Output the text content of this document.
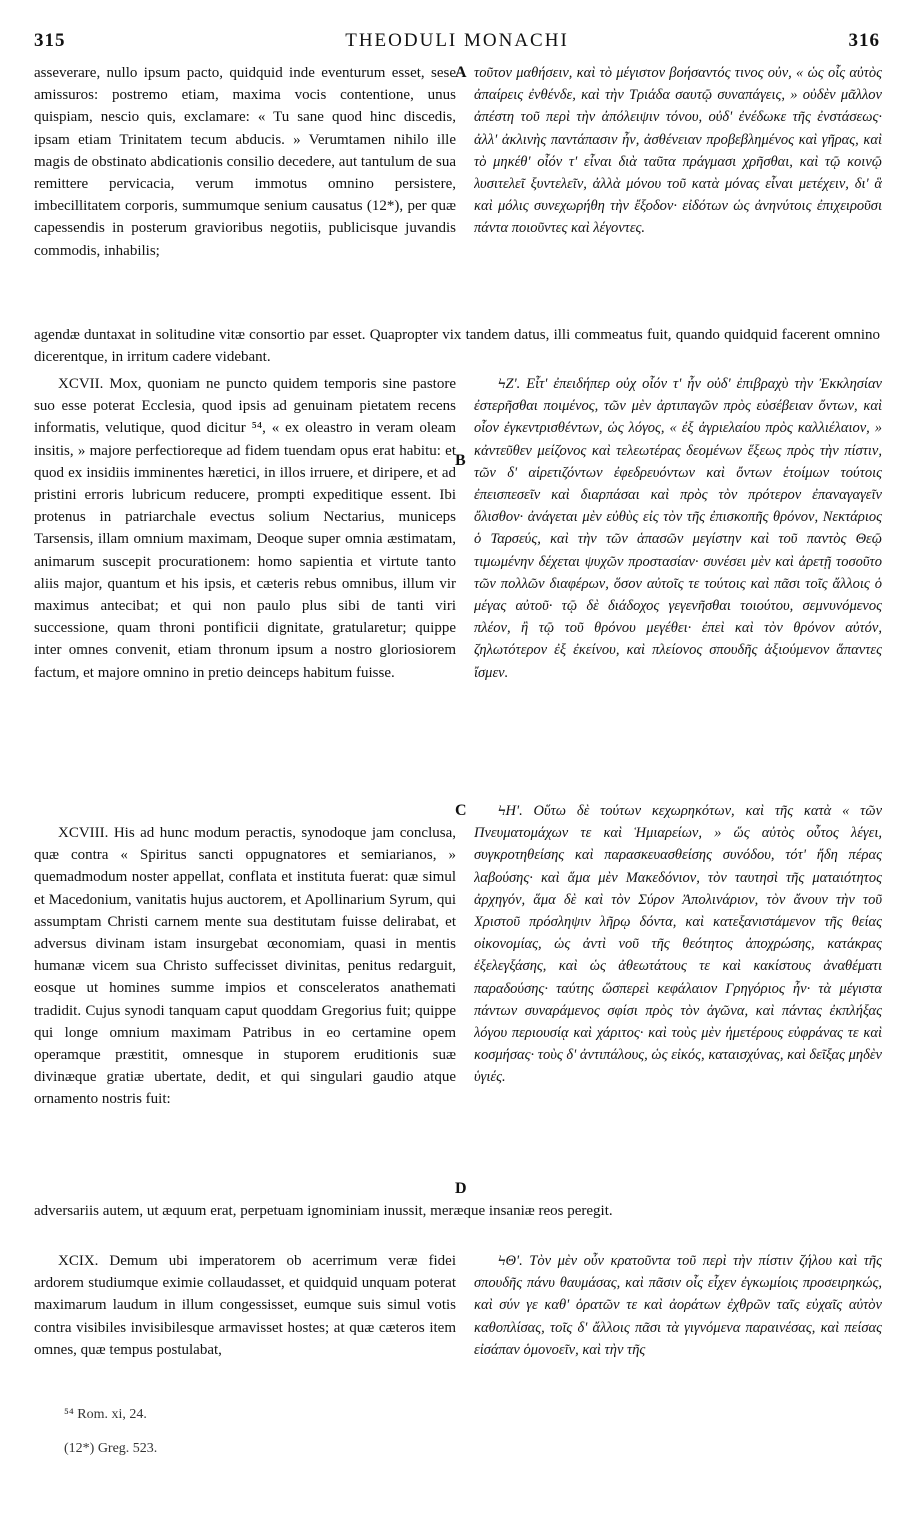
315	THEODULI MONACHI	316

asseverare, nullo ipsum pacto, quidquid inde eventurum esset, sese amissuros: postremo etiam, maxima vocis contentione, unus quispiam, nescio quis, exclamare: « Tu sane quod hinc discedis, ipsam etiam Trinitatem tecum abducis. » Verumtamen nihilo ille magis de obstinato abdicationis consilio decedere, aut tantulum de sua remittere pervicacia, verum immotus omnino persistere, imbecillitatem corporis, summumque senium causatus (12*), per quæ capessendis in posterum gravioribus negotiis, publicisque juvandis commodis, inhabilis;

τοῦτον μαθήσειν, καὶ τὸ μέγιστον βοήσαντός τινος οὐν, « ὡς οἷς αὐτὸς ἀπαίρεις ἐνθένδε, καὶ τὴν Τριάδα σαυτῷ συναπάγεις, » οὐδὲν μᾶλλον ἀπέστη τοῦ περὶ τὴν ἀπόλειψιν τόνου, οὐδ' ἐνέδωκε τῆς ἐνστάσεως· ἀλλ' ἀκλινὴς παντάπασιν ἦν, ἀσθένειαν προβεβλημένος καὶ γῆρας, καὶ τὸ μηκέθ' οἷόν τ' εἶναι διὰ ταῦτα πράγμασι χρῆσθαι, καὶ τῷ κοινῷ λυσιτελεῖ ξυντελεῖν, ἀλλὰ μόνου τοῦ κατὰ μόνας εἶναι μετέχειν, δι' ἃ καὶ μόλις συνεχωρήθη τὴν ἔξοδον· εἰδότων ὡς ἀνηνύτοις ἐπιχειροῦσι πάντα ποιοῦντες καὶ λέγοντες.

agendæ duntaxat in solitudine vitæ consortio par esset. Quapropter vix tandem datus, illi commeatus fuit, quando quidquid facerent omnino dicerentque, in irritum cadere videbant.

XCVII. Mox, quoniam ne puncto quidem temporis sine pastore suo esse poterat Ecclesia, quod ipsis ad genuinam pietatem recens informatis, velutique, quod dicitur ⁵⁴, « ex oleastro in veram oleam insitis, » majore perfectioreque ad fidem tuendam opus erat habitu: et quod ex insidiis imminentes hæretici, in illos irruere, et diripere, et ad pristini erroris lubricum reducere, prompti expeditique essent. Ibi protenus in patriarchale evectus solium Nectarius, municeps Tarsensis, illam omnium maximam, Deoque super omnia æstimatam, animarum suscepit procurationem: homo sapientia et virtute tanto aliis major, quantum et his ipsis, et cæteris rebus omnibus, illum vir maximus antecibat; et qui non paulo plus sibi de tanti viri successione, quam throni pontificii dignitate, gratularetur; quippe inter omnes convenit, etiam thronum ipsum a nostro gloriosiorem factum, et majore omnino in pretio deinceps habitum fuisse.

ϞΖ'. Εἶτ' ἐπειδήπερ οὐχ οἷόν τ' ἦν οὐδ' ἐπιβραχὺ τὴν Ἐκκλησίαν ἐστερῆσθαι ποιμένος, τῶν μὲν ἀρτιπαγῶν πρὸς εὐσέβειαν ὄντων, καὶ οἷον ἐγκεντρισθέντων, ὡς λόγος, « ἐξ ἀγριελαίου πρὸς καλλιέλαιον, » κἀντεῦθεν μείζονος καὶ τελεωτέρας δεομένων ἕξεως πρὸς τὴν πίστιν, τῶν δ' αἱρετιζόντων ἐφεδρευόντων καὶ ὄντων ἑτοίμων τούτοις ἐπεισπεσεῖν καὶ διαρπάσαι καὶ πρὸς τὸν πρότερον ἐπαναγαγεῖν ὄλισθον· ἀνάγεται μὲν εὐθὺς εἰς τὸν τῆς ἐπισκοπῆς θρόνον, Νεκτάριος ὁ Ταρσεύς, καὶ τὴν τῶν ἁπασῶν μεγίστην καὶ τοῦ παντὸς Θεῷ τιμωμένην δέχεται ψυχῶν προστασίαν· συνέσει μὲν καὶ ἀρετῇ τοσοῦτο τῶν πολλῶν διαφέρων, ὅσον αὐτοῖς τε τούτοις καὶ πᾶσι τοῖς ἄλλοις ὁ μέγας αὐτοῦ· τῷ δὲ διάδοχος γεγενῆσθαι τοιούτου, σεμνυνόμενος πλέον, ἢ τῷ τοῦ θρόνου μεγέθει· ἐπεὶ καὶ τὸν θρόνον αὐτόν, ζηλωτότερον ἐξ ἐκείνου, καὶ πλείονος σπουδῆς ἀξιούμενον ἅπαντες ἴσμεν.

XCVIII. His ad hunc modum peractis, synodoque jam conclusa, quæ contra « Spiritus sancti oppugnatores et semiarianos, » quemadmodum noster appellat, conflata et instituta fuerat: quæ simul et Macedonium, vanitatis hujus auctorem, et Apollinarium Syrum, qui assumptam Christi carnem mente sua destitutam fuisse delirabat, et adversus divinam istam insurgebat œconomiam, quasi in mentis humanæ vicem sua Christo suffecisset divinitas, penitus redarguit, eosque ut homines summe impios et consceleratos anathemati tradidit. Cujus synodi tanquam caput quoddam Gregorius fuit; quippe qui longe omnium maximam Patribus in eo certamine opem operamque præstitit, omnesque in stuporem eruditionis suæ divinæque gratiæ ubertate, dedit, et qui singulari gaudio atque ornamento nostris fuit:

ϞΗ'. Οὕτω δὲ τούτων κεχωρηκότων, καὶ τῆς κατὰ « τῶν Πνευματομάχων τε καὶ Ἡμιαρείων, » ὥς αὐτὸς οὗτος λέγει, συγκροτηθείσης καὶ παρασκευασθείσης συνόδου, τότ' ἤδη πέρας λαβούσης· καὶ ἅμα μὲν Μακεδόνιον, τὸν ταυτησὶ τῆς ματαιότητος ἀρχηγόν, ἅμα δὲ καὶ τὸν Σύρον Ἀπολινάριον, τὸν ἄνουν τὴν τοῦ Χριστοῦ πρόσληψιν λῆρῳ δόντα, καὶ κατεξανιστάμενον τῆς θείας οἰκονομίας, ὡς ἀντὶ νοῦ τῆς θεότητος ἀποχρώσης, κατάκρας ἐξελεγξάσης, καὶ ὡς ἀθεωτάτους τε καὶ κακίστους ἀναθέματι παραδούσης· ταύτης ὥσπερεὶ κεφάλαιον Γρηγόριος ἦν· τὰ μέγιστα πάντων συναράμενος σφίσι πρὸς τὸν ἀγῶνα, καὶ πάντας ἐκπλήξας λόγου περιουσίᾳ καὶ χάριτος· καὶ τοὺς μὲν ἡμετέρους εὐφράνας τε καὶ κοσμήσας· τοὺς δ' ἀντιπάλους, ὡς εἰκός, καταισχύνας, καὶ δεῖξας μηδὲν ὑγιές.

adversariis autem, ut æquum erat, perpetuam ignominiam inussit, meræque insaniæ reos peregit.

XCIX. Demum ubi imperatorem ob acerrimum veræ fidei ardorem studiumque eximie collaudasset, et quidquid unquam poterat maximarum laudum in illum congessisset, eumque suis simul votis contra visibiles invisibilesque armavisset hostes; at quæ cæteros item omnes, quæ tempus postulabat,

ϞΘ'. Τὸν μὲν οὖν κρατοῦντα τοῦ περὶ τὴν πίστιν ζήλου καὶ τῆς σπουδῆς πάνυ θαυμάσας, καὶ πᾶσιν οἷς εἶχεν ἐγκωμίοις προσειρηκώς, καὶ σύν γε καθ' ὁρατῶν τε καὶ ἀοράτων ἐχθρῶν ταῖς εὐχαῖς αὐτὸν καθοπλίσας, τοῖς δ' ἄλλοις πᾶσι τὰ γιγνόμενα παραινέσας, καὶ πείσας εἰσάπαν ὁμονοεῖν, καὶ τὴν τῆς

A
B
C
D
⁵⁴ Rom. xi, 24.
(12*) Greg. 523.
